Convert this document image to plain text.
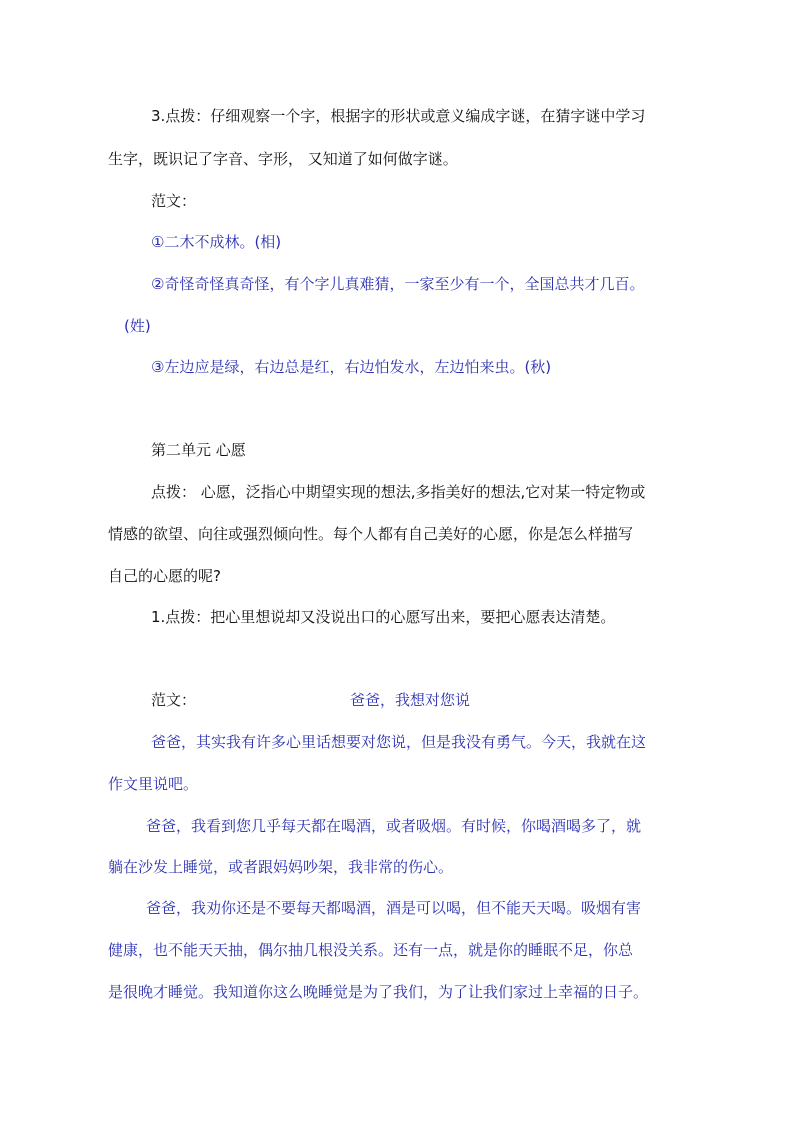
3.点拨：仔细观察一个字，根据字的形状或意义编成字谜，在猜字谜中学习
生字，既识记了字音、字形， 又知道了如何做字谜。
范文：
①二木不成林。(相)
②奇怪奇怪真奇怪，有个字儿真难猜，一家至少有一个，全国总共才几百。
(姓)
③左边应是绿，右边总是红，右边怕发水，左边怕来虫。(秋)
第二单元 心愿
点拨： 心愿，泛指心中期望实现的想法,多指美好的想法,它对某一特定物或
情感的欲望、向往或强烈倾向性。每个人都有自己美好的心愿，你是怎么样描写
自己的心愿的呢?
1.点拨：把心里想说却又没说出口的心愿写出来，要把心愿表达清楚。
范文：	爸爸，我想对您说
爸爸，其实我有许多心里话想要对您说，但是我没有勇气。今天，我就在这
作文里说吧。
爸爸，我看到您几乎每天都在喝酒，或者吸烟。有时候，你喝酒喝多了，就
躺在沙发上睡觉，或者跟妈妈吵架，我非常的伤心。
爸爸，我劝你还是不要每天都喝酒，酒是可以喝，但不能天天喝。吸烟有害
健康，也不能天天抽，偶尔抽几根没关系。还有一点，就是你的睡眠不足，你总
是很晚才睡觉。我知道你这么晚睡觉是为了我们，为了让我们家过上幸福的日子。
